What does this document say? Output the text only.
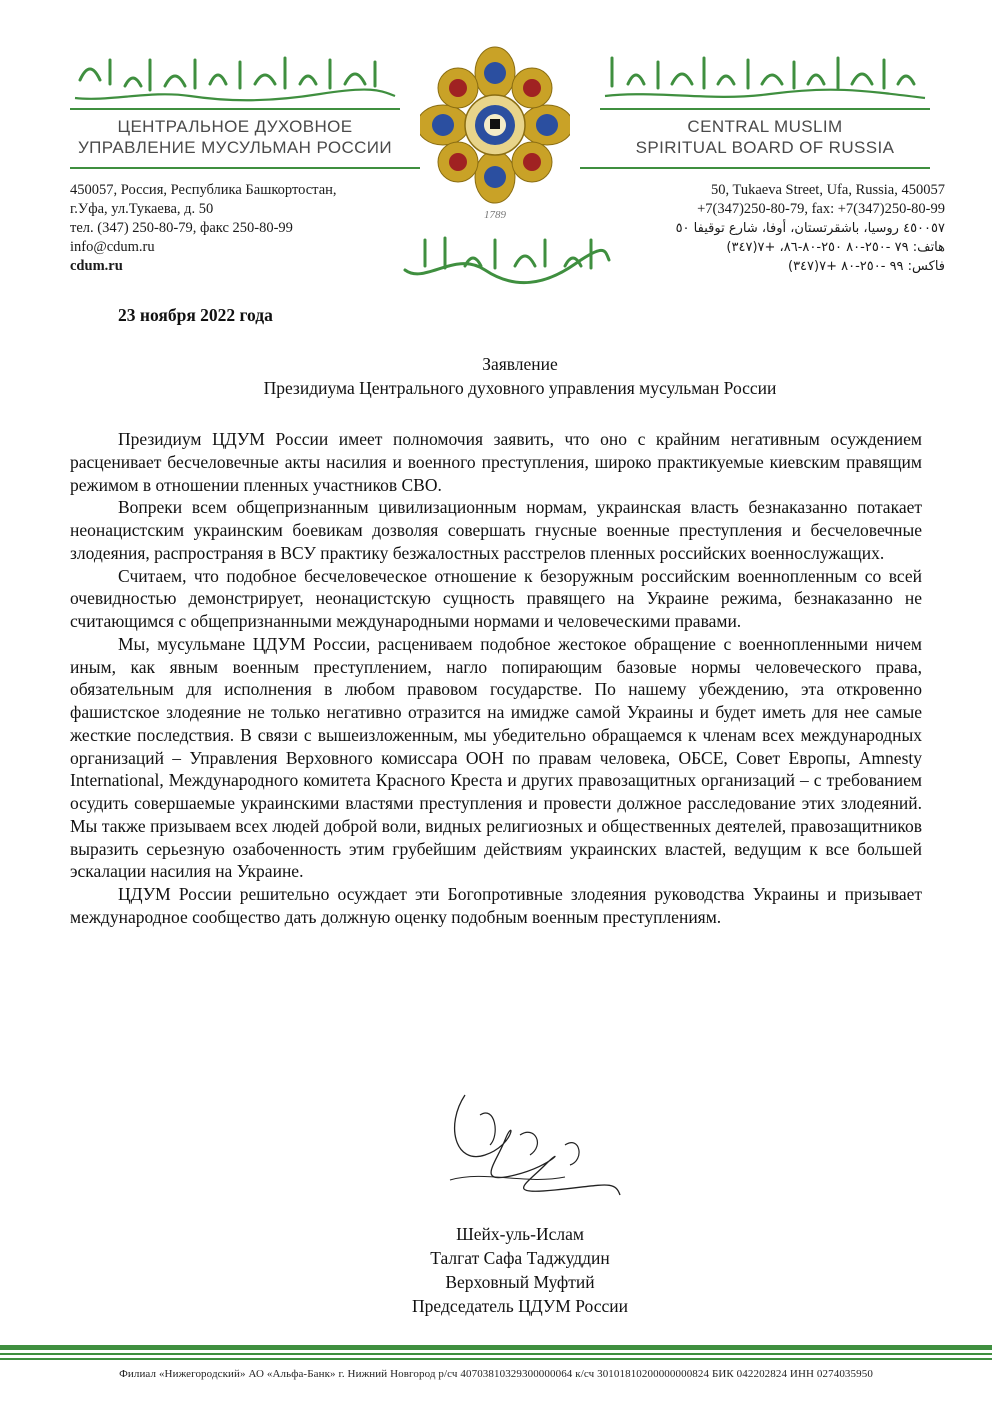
ЦЕНТРАЛЬНОЕ ДУХОВНОЕ
УПРАВЛЕНИЕ МУСУЛЬМАН РОССИИ
CENTRAL MUSLIM
SPIRITUAL BOARD OF RUSSIA
1789
450057, Россия, Республика Башкортостан,
г.Уфа, ул.Тукаева, д. 50
тел. (347) 250-80-79, факс 250-80-99
info@cdum.ru
cdum.ru
50, Tukaeva Street, Ufa, Russia, 450057
+7(347)250-80-79, fax: +7(347)250-80-99
٤٥٠٠٥٧ روسيا، باشقرتستان، أوفا، شارع توقيفا ٥٠
هاتف: ٧٩ -٢٥٠-٨٠ ٢٥٠-٨٠-٨٦، +٧(٣٤٧)
فاكس: ٩٩ -٢٥٠-٨٠ +٧(٣٤٧)
23 ноября 2022 года
Заявление
Президиума Центрального духовного управления мусульман России

Президиум ЦДУМ России имеет полномочия заявить, что оно с крайним негативным осуждением расценивает бесчеловечные акты насилия и военного преступления, широко практикуемые киевским правящим режимом в отношении пленных участников СВО.

Вопреки всем общепризнанным цивилизационным нормам, украинская власть безнаказанно потакает неонацистским украинским боевикам дозволяя совершать гнусные военные преступления и бесчеловечные злодеяния, распространяя в ВСУ практику безжалостных расстрелов пленных российских военнослужащих.

Считаем, что подобное бесчеловеческое отношение к безоружным российским военнопленным со всей очевидностью демонстрирует, неонацистскую сущность правящего на Украине режима, безнаказанно не считающимся с общепризнанными международными нормами и человеческими правами.

Мы, мусульмане ЦДУМ России, расцениваем подобное жестокое обращение с военнопленными ничем иным, как явным военным преступлением, нагло попирающим базовые нормы человеческого права, обязательным для исполнения в любом правовом государстве. По нашему убеждению, эта откровенно фашистское злодеяние не только негативно отразится на имидже самой Украины и будет иметь для нее самые жесткие последствия. В связи с вышеизложенным, мы убедительно обращаемся к членам всех международных организаций – Управления Верховного комиссара ООН по правам человека, ОБСЕ, Совет Европы, Amnesty International, Международного комитета Красного Креста и других правозащитных организаций – с требованием осудить совершаемые украинскими властями преступления и провести должное расследование этих злодеяний. Мы также призываем всех людей доброй воли, видных религиозных и общественных деятелей, правозащитников выразить серьезную озабоченность этим грубейшим действиям украинских властей, ведущим к все большей эскалации насилия на Украине.

ЦДУМ России решительно осуждает эти Богопротивные злодеяния руководства Украины и призывает международное сообщество дать должную оценку подобным военным преступлениям.

Шейх-уль-Ислам
Талгат Сафа Таджуддин
Верховный Муфтий
Председатель ЦДУМ России
Филиал «Нижегородский» АО «Альфа-Банк» г. Нижний Новгород р/сч 40703810329300000064 к/сч 30101810200000000824 БИК 042202824 ИНН 0274035950
